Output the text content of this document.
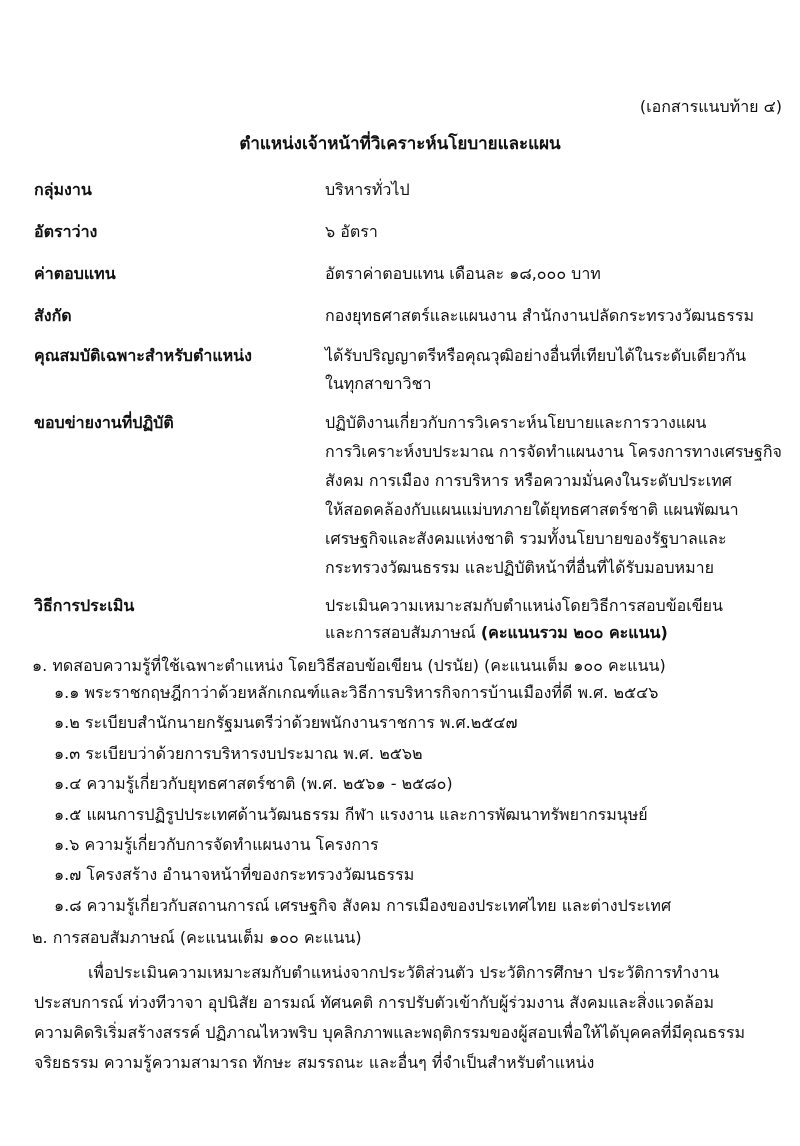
(เอกสารแนบท้าย ๔)
ตำแหน่งเจ้าหน้าที่วิเคราะห์นโยบายและแผน
กลุ่มงาน	บริหารทั่วไป
อัตราว่าง	๖ อัตรา
ค่าตอบแทน	อัตราค่าตอบแทน เดือนละ ๑๘,๐๐๐ บาท
สังกัด	กองยุทธศาสตร์และแผนงาน สำนักงานปลัดกระทรวงวัฒนธรรม
คุณสมบัติเฉพาะสำหรับตำแหน่ง	ได้รับปริญญาตรีหรือคุณวุฒิอย่างอื่นที่เทียบได้ในระดับเดียวกัน
ในทุกสาขาวิชา
ขอบข่ายงานที่ปฏิบัติ	ปฏิบัติงานเกี่ยวกับการวิเคราะห์นโยบายและการวางแผน
การวิเคราะห์งบประมาณ การจัดทำแผนงาน โครงการทางเศรษฐกิจ
สังคม การเมือง การบริหาร หรือความมั่นคงในระดับประเทศ
ให้สอดคล้องกับแผนแม่บทภายใต้ยุทธศาสตร์ชาติ แผนพัฒนา
เศรษฐกิจและสังคมแห่งชาติ รวมทั้งนโยบายของรัฐบาลและ
กระทรวงวัฒนธรรม และปฏิบัติหน้าที่อื่นที่ได้รับมอบหมาย
วิธีการประเมิน	ประเมินความเหมาะสมกับตำแหน่งโดยวิธีการสอบข้อเขียน
และการสอบสัมภาษณ์ (คะแนนรวม ๒๐๐ คะแนน)
๑. ทดสอบความรู้ที่ใช้เฉพาะตำแหน่ง โดยวิธีสอบข้อเขียน (ปรนัย) (คะแนนเต็ม ๑๐๐ คะแนน)
๑.๑ พระราชกฤษฎีกาว่าด้วยหลักเกณฑ์และวิธีการบริหารกิจการบ้านเมืองที่ดี พ.ศ. ๒๕๔๖
๑.๒ ระเบียบสำนักนายกรัฐมนตรีว่าด้วยพนักงานราชการ พ.ศ.๒๕๔๗
๑.๓ ระเบียบว่าด้วยการบริหารงบประมาณ พ.ศ. ๒๕๖๒
๑.๔ ความรู้เกี่ยวกับยุทธศาสตร์ชาติ (พ.ศ. ๒๕๖๑ - ๒๕๘๐)
๑.๕ แผนการปฏิรูปประเทศด้านวัฒนธรรม กีฬา แรงงาน และการพัฒนาทรัพยากรมนุษย์
๑.๖ ความรู้เกี่ยวกับการจัดทำแผนงาน โครงการ
๑.๗ โครงสร้าง อำนาจหน้าที่ของกระทรวงวัฒนธรรม
๑.๘ ความรู้เกี่ยวกับสถานการณ์ เศรษฐกิจ สังคม การเมืองของประเทศไทย และต่างประเทศ
๒. การสอบสัมภาษณ์ (คะแนนเต็ม ๑๐๐ คะแนน)
เพื่อประเมินความเหมาะสมกับตำแหน่งจากประวัติส่วนตัว ประวัติการศึกษา ประวัติการทำงาน
ประสบการณ์ ท่วงทีวาจา อุปนิสัย อารมณ์ ทัศนคติ การปรับตัวเข้ากับผู้ร่วมงาน สังคมและสิ่งแวดล้อม
ความคิดริเริ่มสร้างสรรค์ ปฏิภาณไหวพริบ บุคลิกภาพและพฤติกรรมของผู้สอบเพื่อให้ได้บุคคลที่มีคุณธรรม
จริยธรรม ความรู้ความสามารถ ทักษะ สมรรถนะ และอื่นๆ ที่จำเป็นสำหรับตำแหน่ง
